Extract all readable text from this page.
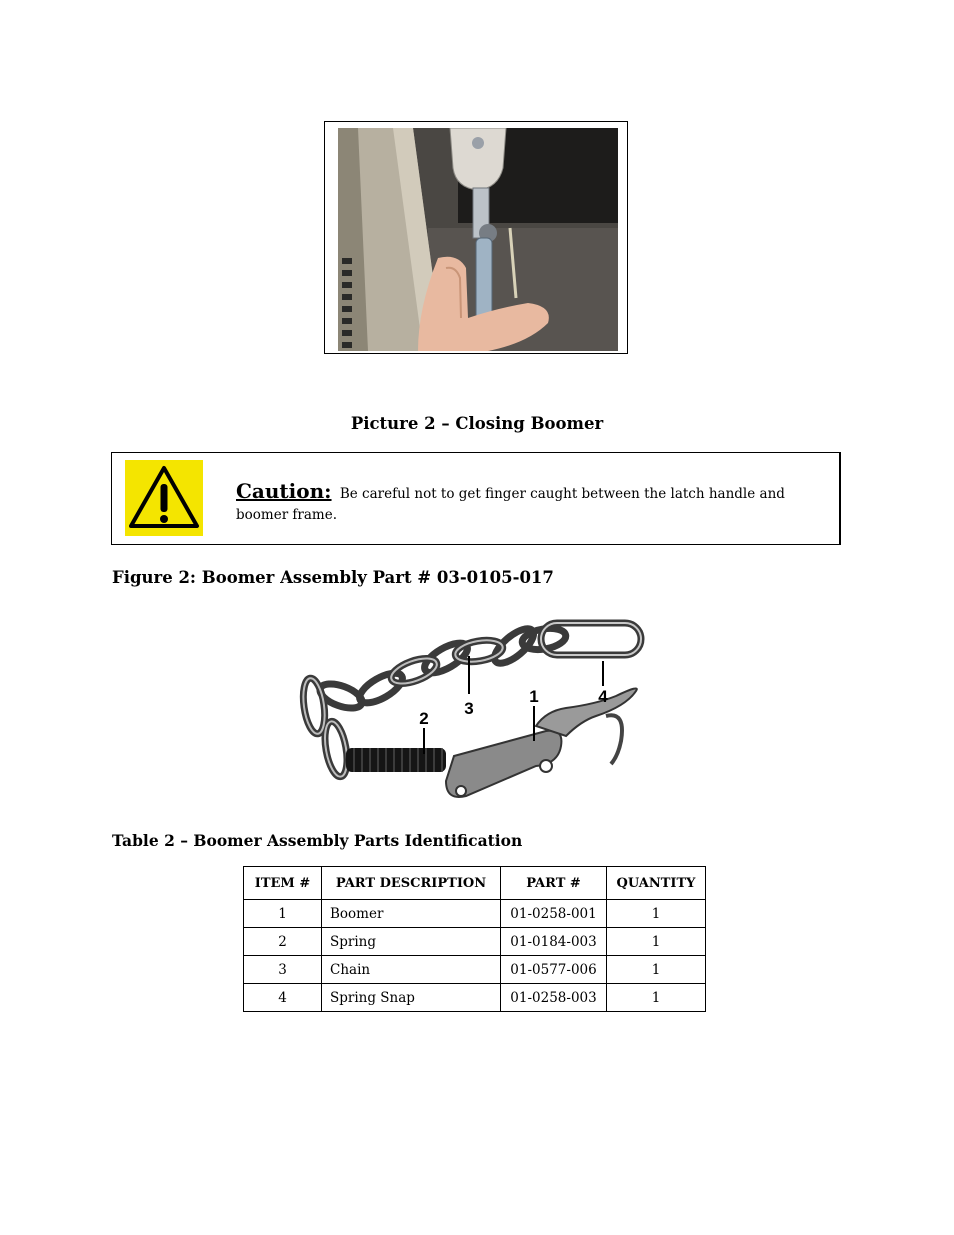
Picture 2 – Closing Boomer
Caution: Be careful not to get finger caught between the latch handle and boomer frame.
Figure 2: Boomer Assembly Part # 03-0105-017
3
1
2
4
Table 2 – Boomer Assembly Parts Identification
ITEM #	PART DESCRIPTION	PART #	QUANTITY
1	Boomer	01-0258-001	1
2	Spring	01-0184-003	1
3	Chain	01-0577-006	1
4	Spring Snap	01-0258-003	1
